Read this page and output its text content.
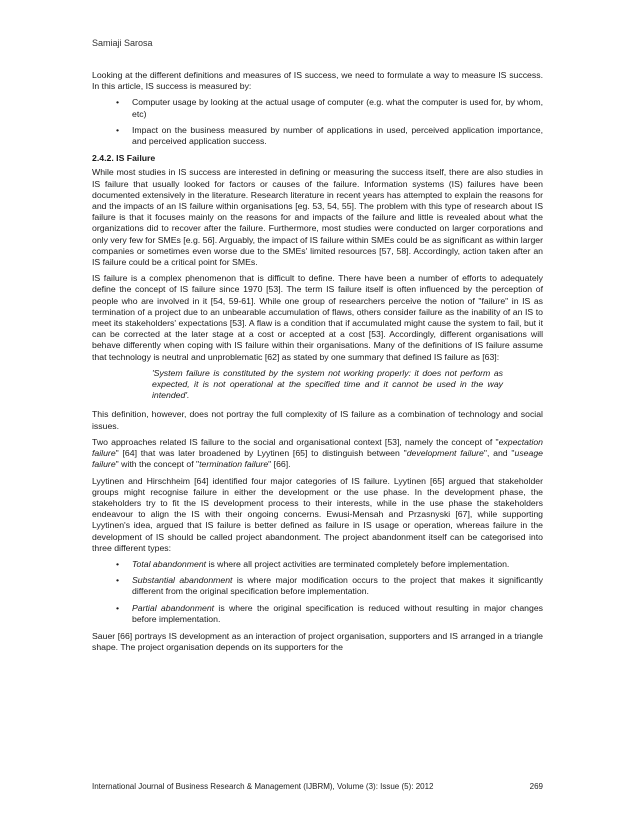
Samiaji Sarosa

Looking at the different definitions and measures of IS success, we need to formulate a way to measure IS success. In this article, IS success is measured by:

• Computer usage by looking at the actual usage of computer (e.g. what the computer is used for, by whom, etc)
• Impact on the business measured by number of applications in used, perceived application importance, and perceived application success.
2.4.2. IS Failure

While most studies in IS success are interested in defining or measuring the success itself, there are also studies in IS failure that usually looked for factors or causes of the failure. Information systems (IS) failures have been documented extensively in the literature. Research literature in recent years has attempted to explain the reasons for and the impacts of an IS failure within organisations [eg. 53, 54, 55]. The problem with this type of research about IS failure is that it focuses mainly on the reasons for and impacts of the failure and little is revealed about what the organizations did to recover after the failure. Furthermore, most studies were conducted on larger corporations and only very few for SMEs [e.g. 56]. Arguably, the impact of IS failure within SMEs could be as significant as within larger companies or sometimes even worse due to the SMEs' limited resources [57, 58]. Accordingly, action taken after an IS failure could be a critical point for SMEs.

IS failure is a complex phenomenon that is difficult to define. There have been a number of efforts to adequately define the concept of IS failure since 1970 [53]. The term IS failure itself is often influenced by the perception of people who are involved in it [54, 59-61]. While one group of researchers perceive the notion of "failure" in IS as termination of a project due to an unbearable accumulation of flaws, others consider failure as the inability of an IS to meet its stakeholders' expectations [53]. A flaw is a condition that if accumulated might cause the system to fail, but it can be corrected at the later stage at a cost or accepted at a cost [53]. Accordingly, different organisations will behave differently when coping with IS failure within their organisations. Many of the definitions of IS failure assume that technology is neutral and unproblematic [62] as stated by one summary that defined IS failure as [63]:

'System failure is constituted by the system not working properly: it does not perform as expected, it is not operational at the specified time and it cannot be used in the way intended'.

This definition, however, does not portray the full complexity of IS failure as a combination of technology and social issues.

Two approaches related IS failure to the social and organisational context [53], namely the concept of "expectation failure" [64] that was later broadened by Lyytinen [65] to distinguish between "development failure", and "useage failure" with the concept of "termination failure" [66].

Lyytinen and Hirschheim [64] identified four major categories of IS failure. Lyytinen [65] argued that stakeholder groups might recognise failure in either the development or the use phase. In the development phase, the stakeholders try to fit the IS development process to their interests, while in the use phase the stakeholders endeavour to align the IS with their ongoing concerns. Ewusi-Mensah and Przasnyski [67], while supporting Lyytinen's idea, argued that IS failure is better defined as failure in IS usage or operation, whereas failure in the development of IS should be called project abandonment. The project abandonment itself can be categorised into three different types:

• Total abandonment is where all project activities are terminated completely before implementation.
• Substantial abandonment is where major modification occurs to the project that makes it significantly different from the original specification before implementation.
• Partial abandonment is where the original specification is reduced without resulting in major changes before implementation.

Sauer [66] portrays IS development as an interaction of project organisation, supporters and IS arranged in a triangle shape. The project organisation depends on its supporters for the

International Journal of Business Research & Management (IJBRM), Volume (3): Issue (5): 2012	269
